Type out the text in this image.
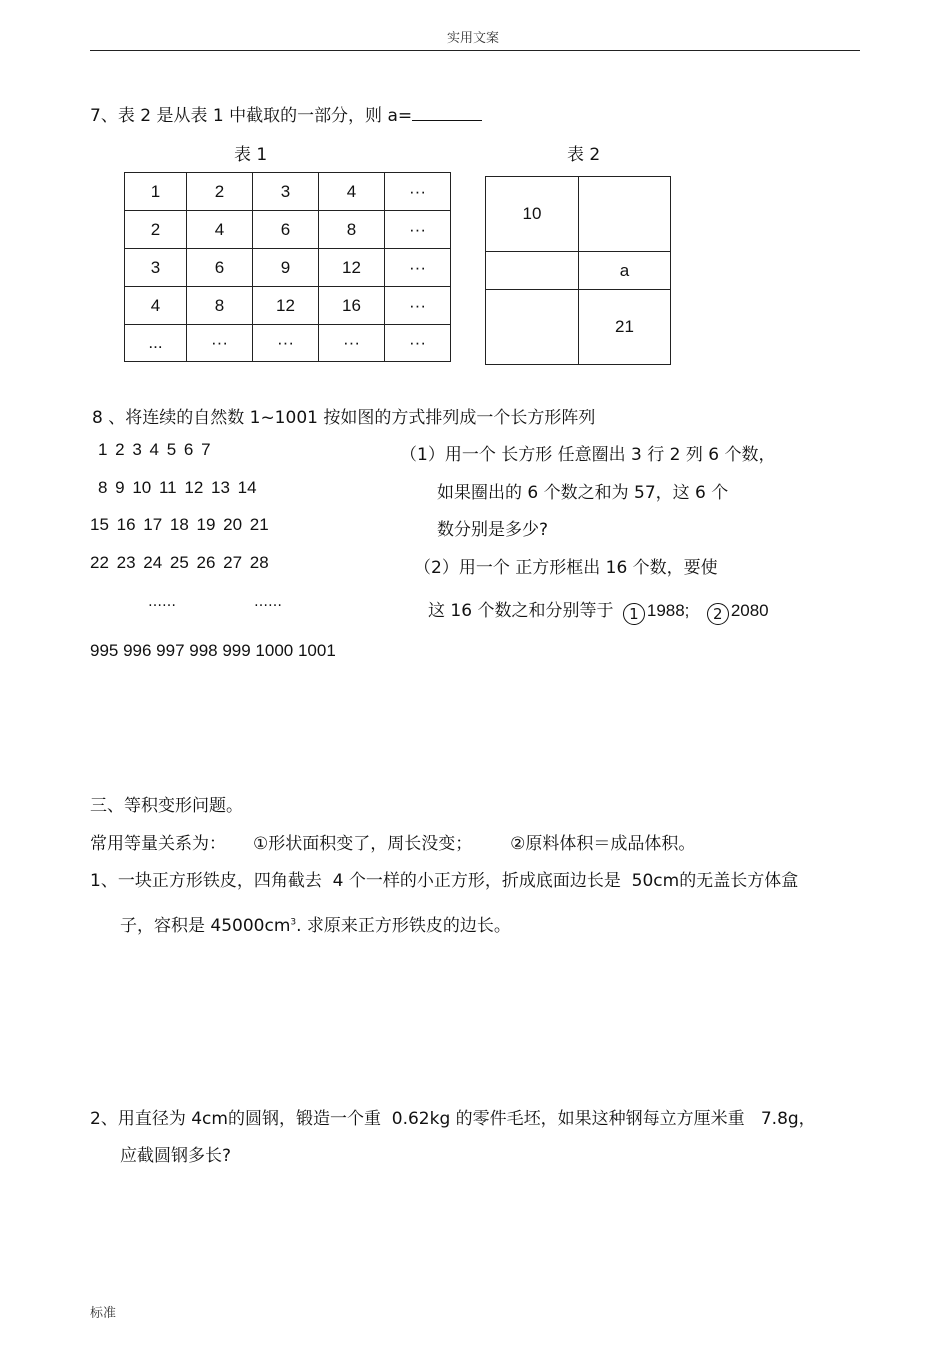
实用文案
7、表 2 是从表 1 中截取的一部分，则 a=
表 1	表 2
1	2	3	4	···
2	4	6	8	···
3	6	9	12	···
4	8	12	16	···
...	···	···	···	···
10	
	a
	21
8 、将连续的自然数 1~1001 按如图的方式排列成一个长方形阵列
1 2 3 4 5 6 7
8 9 10 11 12 13 14
15 16 17 18 19 20 21
22 23 24 25 26 27 28
……	……
995 996 997 998 999 1000 1001
（1）用一个 长方形 任意圈出 3 行 2 列 6 个数，
如果圈出的 6 个数之和为 57，这 6 个
数分别是多少?
（2）用一个 正方形框出 16 个数，要使
这 16 个数之和分别等于 1 1988; 2 2080
三、等积变形问题。
常用等量关系为：     ①形状面积变了，周长没变；       ②原料体积＝成品体积。
1、一块正方形铁皮，四角截去  4 个一样的小正方形，折成底面边长是  50cm的无盖长方体盒
子，容积是 $45000cm^3$. 求原来正方形铁皮的边长。
2、用直径为 4cm的圆钢，锻造一个重  0.62kg 的零件毛坯，如果这种钢每立方厘米重   7.8g，
应截圆钢多长?
标准
